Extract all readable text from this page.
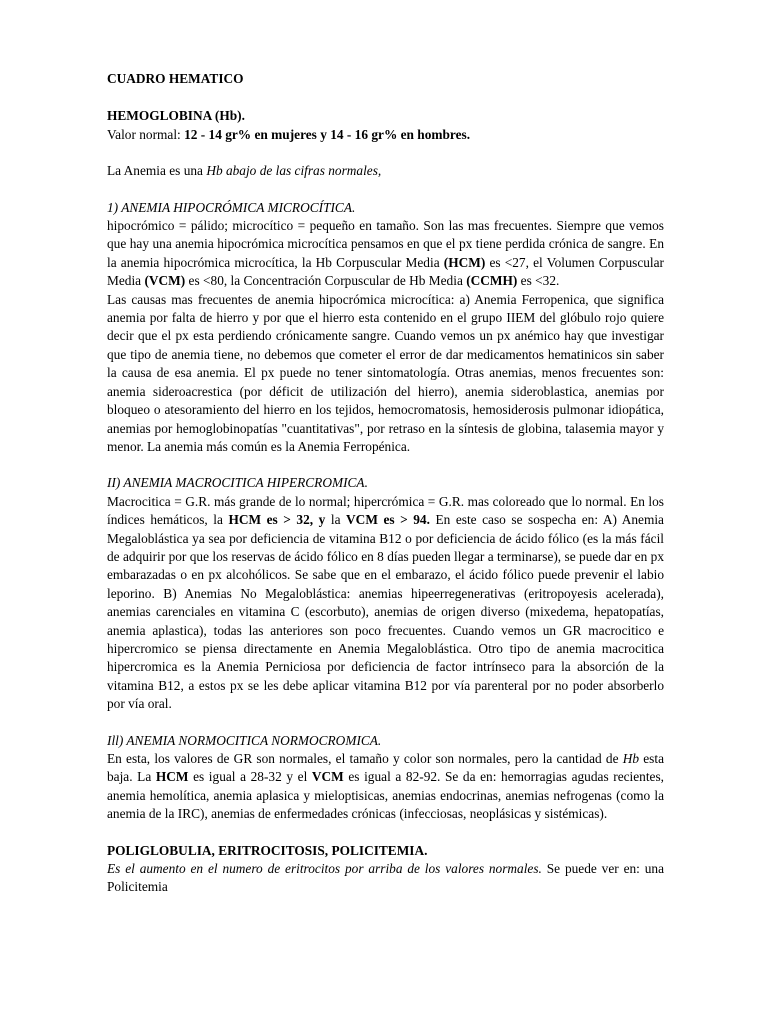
CUADRO HEMATICO

HEMOGLOBINA (Hb).

Valor normal: 12 - 14 gr% en mujeres y 14 - 16 gr% en hombres.

La Anemia es una Hb abajo de las cifras normales,

1) ANEMIA HIPOCRÓMICA MICROCÍTICA.

hipocrómico = pálido; microcítico = pequeño en tamaño. Son las mas frecuentes. Siempre que vemos que hay una anemia hipocrómica microcítica pensamos en que el px tiene perdida crónica de sangre. En la anemia hipocrómica microcítica, la Hb Corpuscular Media (HCM) es <27, el Volumen Corpuscular Media (VCM) es <80, la Concentración Corpuscular de Hb Media (CCMH) es <32.

Las causas mas frecuentes de anemia hipocrómica microcítica: a) Anemia Ferropenica, que significa anemia por falta de hierro y por que el hierro esta contenido en el grupo IIEM del glóbulo rojo quiere decir que el px esta perdiendo crónicamente sangre. Cuando vemos un px anémico hay que investigar que tipo de anemia tiene, no debemos que cometer el error de dar medicamentos hematinicos sin saber la causa de esa anemia. El px puede no tener sintomatología. Otras anemias, menos frecuentes son: anemia sideroacrestica (por déficit de utilización del hierro), anemia sideroblastica, anemias por bloqueo o atesoramiento del hierro en los tejidos, hemocromatosis, hemosiderosis pulmonar idiopática, anemias por hemoglobinopatías "cuantitativas", por retraso en la síntesis de globina, talasemia mayor y menor. La anemia más común es la Anemia Ferropénica.

II) ANEMIA MACROCITICA HIPERCROMICA.

Macrocitica = G.R. más grande de lo normal; hipercrómica = G.R. mas coloreado que lo normal. En los índices hemáticos, la HCM es > 32, y la VCM es > 94. En este caso se sospecha en: A) Anemia Megaloblástica ya sea por deficiencia de vitamina B12 o por deficiencia de ácido fólico (es la más fácil de adquirir por que los reservas de ácido fólico en 8 días pueden llegar a terminarse), se puede dar en px embarazadas o en px alcohólicos. Se sabe que en el embarazo, el ácido fólico puede prevenir el labio leporino. B) Anemias No Megaloblástica: anemias hipeerregenerativas (eritropoyesis acelerada), anemias carenciales en vitamina C (escorbuto), anemias de origen diverso (mixedema, hepatopatías, anemia aplastica), todas las anteriores son poco frecuentes. Cuando vemos un GR macrocitico e hipercromico se piensa directamente en Anemia Megaloblástica. Otro tipo de anemia macrocitica hipercromica es la Anemia Perniciosa por deficiencia de factor intrínseco para la absorción de la vitamina B12, a estos px se les debe aplicar vitamina B12 por vía parenteral por no poder absorberlo por vía oral.

Ill) ANEMIA NORMOCITICA NORMOCROMICA.

En esta, los valores de GR son normales, el tamaño y color son normales, pero la cantidad de Hb esta baja. La HCM es igual a 28-32 y el VCM es igual a 82-92. Se da en: hemorragias agudas recientes, anemia hemolítica, anemia aplasica y mieloptisicas, anemias endocrinas, anemias nefrogenas (como la anemia de la IRC), anemias de enfermedades crónicas (infecciosas, neoplásicas y sistémicas).

POLIGLOBULIA, ERITROCITOSIS, POLICITEMIA.

Es el aumento en el numero de eritrocitos por arriba de los valores normales. Se puede ver en: una Policitemia
